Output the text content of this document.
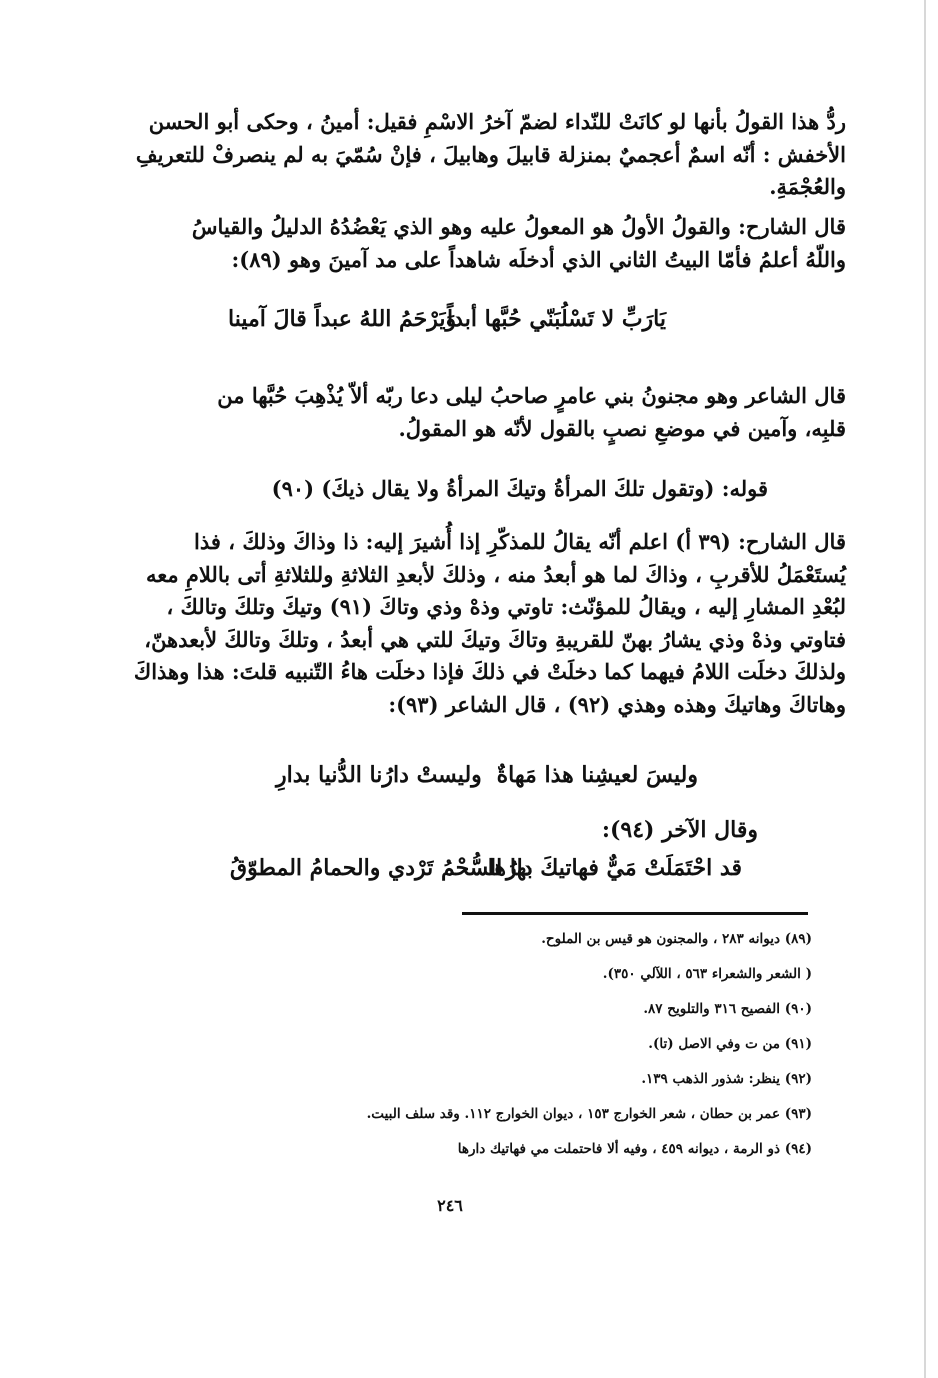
ردُّ هذا القولُ بأنها لو كانَتْ للنّداء لضمّ آخرُ الاسْمِ فقيل: أمينُ ، وحكى أبو الحسن
الأخفش : أنّه اسمٌ أعجميٌ بمنزلة قابيلَ وهابيلَ ، فإنْ سُمّيَ به لم ينصرفْ للتعريفِ
والعُجْمَةِ.
قال الشارح: والقولُ الأولُ هو المعولُ عليه وهو الذي يَعْضُدُهُ الدليلُ والقياسُ
واللّهُ أعلمُ فأمّا البيتُ الثاني الذي أدخلَه شاهداً على مد آمينَ وهو (٨٩):
يَارَبِّ لا تَسْلُبَنّي حُبَّها أبداً
وَيَرْحَمُ اللهُ عبداً قالَ آمينا
قال الشاعر وهو مجنونُ بني عامرٍ صاحبُ ليلى دعا ربّه ألاّ يُذْهِبَ حُبَّها من
قلبِه، وآمين في موضعِ نصبٍ بالقول لأنّه هو المقولُ.
قوله: (وتقول تلكَ المرأةُ وتيكَ المرأةُ ولا يقال ذيكَ) (٩٠)
قال الشارح: (٣٩ أ) اعلم أنّه يقالُ للمذكّرِ إذا أُشيرَ إليه: ذا وذاكَ وذلكَ ، فذا
يُستَعْمَلُ للأقربِ ، وذاكَ لما هو أبعدُ منه ، وذلكَ لأبعدِ الثلاثةِ وللثلاثةِ أتى باللامِ معه
لبُعْدِ المشارِ إليه ، ويقالُ للمؤنّث: تاوتي وذهْ وذي وتاكَ (٩١) وتيكَ وتلكَ وتالكَ ،
فتاوتي وذهْ وذي يشارُ بهنّ للقريبةِ وتاكَ وتيكَ للتي هي أبعدُ ، وتلكَ وتالكَ لأبعدهنّ،
ولذلكَ دخلَت اللامُ فيهما كما دخلَتْ في ذلكَ فإذا دخلَت هاءُ التّنبيه قلتَ: هذا وهذاكَ
وهاتاكَ وهاتيكَ وهذه وهذي (٩٢) ، قال الشاعر (٩٣):
وليسَ لعيشِنا هذا مَهاةٌ
وليستْ دارُنا الدُّنيا بدارِ
وقال الآخر (٩٤):
قد احْتَمَلَتْ مَيٌّ فهاتيكَ دارُها
بها السُّحْمُ تَرْدي والحمامُ المطوّقُ
(٨٩) ديوانه ٢٨٣ ، والمجنون هو قيس بن الملوح.
( الشعر والشعراء ٥٦٣ ، اللآلي ٣٥٠).
(٩٠) الفصيح ٣١٦ والتلويح ٨٧.
(٩١) من ت وفي الاصل (تا).
(٩٢) ينظر: شذور الذهب ١٣٩.
(٩٣) عمر بن حطان ، شعر الخوارج ١٥٣ ، ديوان الخوارج ١١٢. وقد سلف البيت.
(٩٤) ذو الرمة ، ديوانه ٤٥٩ ، وفيه ألا فاحتملت مي فهاتيك دارها
٢٤٦
